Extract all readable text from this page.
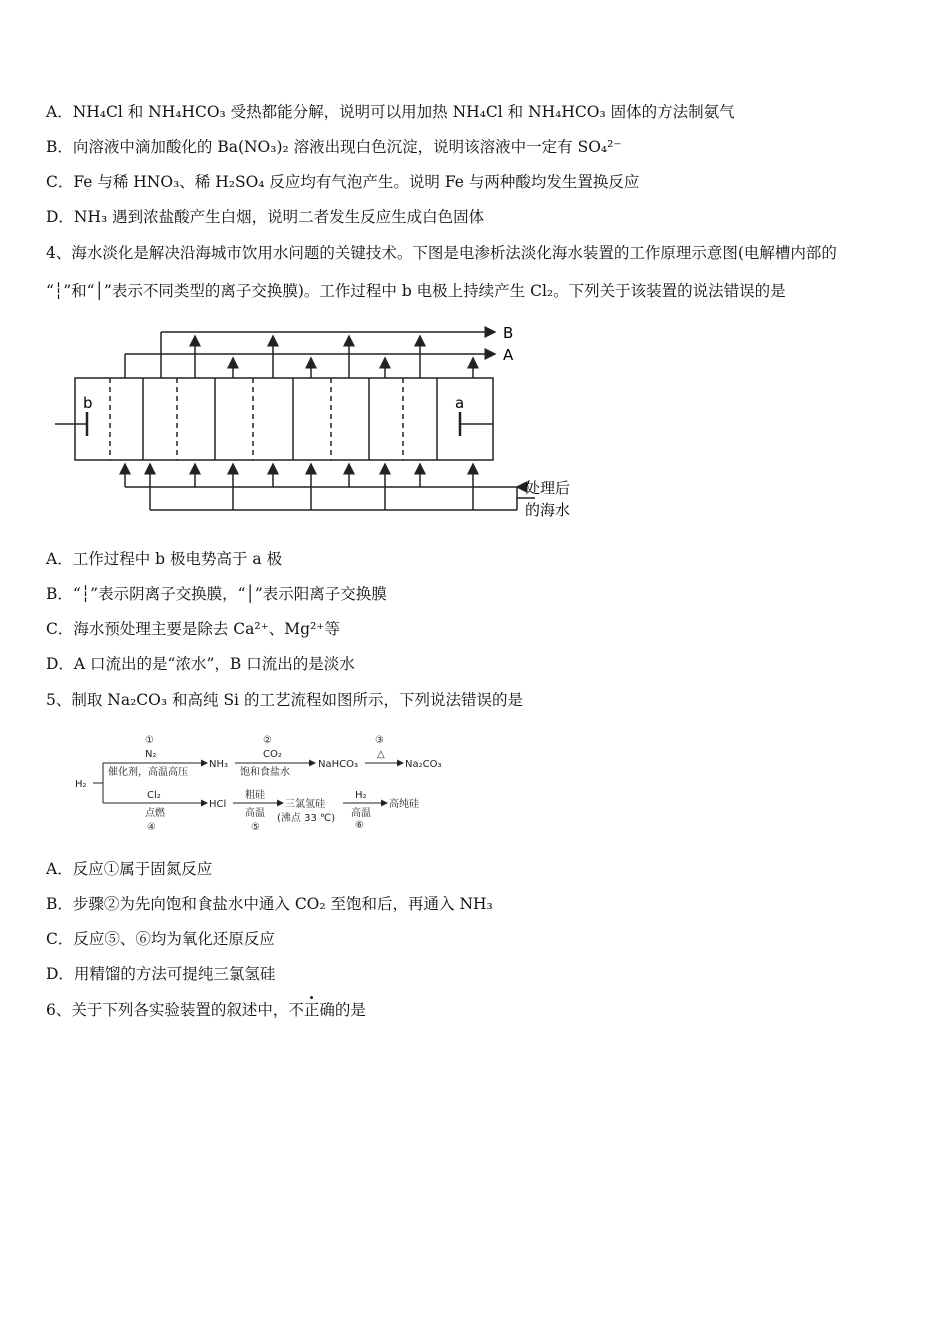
A．NH₄Cl 和 NH₄HCO₃ 受热都能分解，说明可以用加热 NH₄Cl 和 NH₄HCO₃ 固体的方法制氨气
B．向溶液中滴加酸化的 Ba(NO₃)₂ 溶液出现白色沉淀，说明该溶液中一定有 SO₄²⁻
C．Fe 与稀 HNO₃、稀 H₂SO₄ 反应均有气泡产生。说明 Fe 与两种酸均发生置换反应
D．NH₃ 遇到浓盐酸产生白烟，说明二者发生反应生成白色固体
4、海水淡化是解决沿海城市饮用水问题的关键技术。下图是电渗析法淡化海水装置的工作原理示意图(电解槽内部的
“┆”和“│”表示不同类型的离子交换膜)。工作过程中 b 电极上持续产生 Cl₂。下列关于该装置的说法错误的是
B
A
b	a
处理后
的海水
A．工作过程中 b 极电势高于 a 极
B．“┆”表示阴离子交换膜，“│”表示阳离子交换膜
C．海水预处理主要是除去 Ca²⁺、Mg²⁺等
D．A 口流出的是“浓水”，B 口流出的是淡水
5、制取 Na₂CO₃ 和高纯 Si 的工艺流程如图所示，下列说法错误的是
H₂
①
N₂
催化剂，高温高压
NH₃
②
CO₂
饱和食盐水
NaHCO₃
③
△
Na₂CO₃
Cl₂
点燃
④
HCl
粗硅
高温
⑤
三氯氢硅
(沸点 33 ℃)
H₂
高温
⑥
高纯硅
A．反应①属于固氮反应
B．步骤②为先向饱和食盐水中通入 CO₂ 至饱和后，再通入 NH₃
C．反应⑤、⑥均为氧化还原反应
D．用精馏的方法可提纯三氯氢硅
6、关于下列各实验装置的叙述中，不正确的是
